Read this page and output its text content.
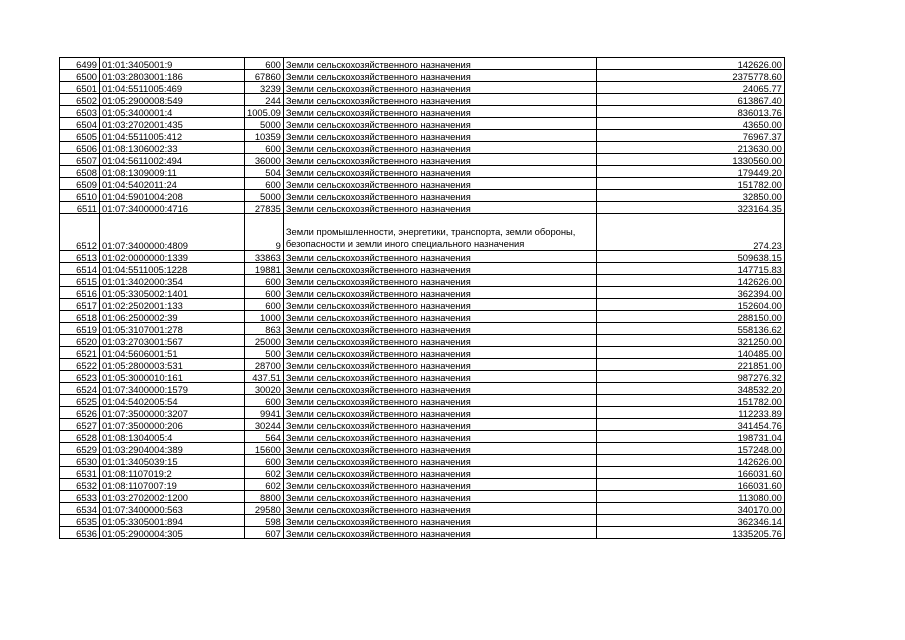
6499	01:01:3405001:9	600	Земли сельскохозяйственного назначения	142626.00
6500	01:03:2803001:186	67860	Земли сельскохозяйственного назначения	2375778.60
6501	01:04:5511005:469	3239	Земли сельскохозяйственного назначения	24065.77
6502	01:05:2900008:549	244	Земли сельскохозяйственного назначения	613867.40
6503	01:05:3400001:4	1005.09	Земли сельскохозяйственного назначения	836013.76
6504	01:03:2702001:435	5000	Земли сельскохозяйственного назначения	43650.00
6505	01:04:5511005:412	10359	Земли сельскохозяйственного назначения	76967.37
6506	01:08:1306002:33	600	Земли сельскохозяйственного назначения	213630.00
6507	01:04:5611002:494	36000	Земли сельскохозяйственного назначения	1330560.00
6508	01:08:1309009:11	504	Земли сельскохозяйственного назначения	179449.20
6509	01:04:5402011:24	600	Земли сельскохозяйственного назначения	151782.00
6510	01:04:5901004:208	5000	Земли сельскохозяйственного назначения	32850.00
6511	01:07:3400000:4716	27835	Земли сельскохозяйственного назначения	323164.35
6512	01:07:3400000:4809	9	Земли промышленности, энергетики, транспорта, земли обороны, безопасности и земли иного специального назначения	274.23
6513	01:02:0000000:1339	33863	Земли сельскохозяйственного назначения	509638.15
6514	01:04:5511005:1228	19881	Земли сельскохозяйственного назначения	147715.83
6515	01:01:3402000:354	600	Земли сельскохозяйственного назначения	142626.00
6516	01:05:3305002:1401	600	Земли сельскохозяйственного назначения	362394.00
6517	01:02:2502001:133	600	Земли сельскохозяйственного назначения	152604.00
6518	01:06:2500002:39	1000	Земли сельскохозяйственного назначения	288150.00
6519	01:05:3107001:278	863	Земли сельскохозяйственного назначения	558136.62
6520	01:03:2703001:567	25000	Земли сельскохозяйственного назначения	321250.00
6521	01:04:5606001:51	500	Земли сельскохозяйственного назначения	140485.00
6522	01:05:2800003:531	28700	Земли сельскохозяйственного назначения	221851.00
6523	01:05:3000010:161	437.51	Земли сельскохозяйственного назначения	987276.32
6524	01:07:3400000:1579	30020	Земли сельскохозяйственного назначения	348532.20
6525	01:04:5402005:54	600	Земли сельскохозяйственного назначения	151782.00
6526	01:07:3500000:3207	9941	Земли сельскохозяйственного назначения	112233.89
6527	01:07:3500000:206	30244	Земли сельскохозяйственного назначения	341454.76
6528	01:08:1304005:4	564	Земли сельскохозяйственного назначения	198731.04
6529	01:03:2904004:389	15600	Земли сельскохозяйственного назначения	157248.00
6530	01:01:3405039:15	600	Земли сельскохозяйственного назначения	142626.00
6531	01:08:1107019:2	602	Земли сельскохозяйственного назначения	166031.60
6532	01:08:1107007:19	602	Земли сельскохозяйственного назначения	166031.60
6533	01:03:2702002:1200	8800	Земли сельскохозяйственного назначения	113080.00
6534	01:07:3400000:563	29580	Земли сельскохозяйственного назначения	340170.00
6535	01:05:3305001:894	598	Земли сельскохозяйственного назначения	362346.14
6536	01:05:2900004:305	607	Земли сельскохозяйственного назначения	1335205.76
